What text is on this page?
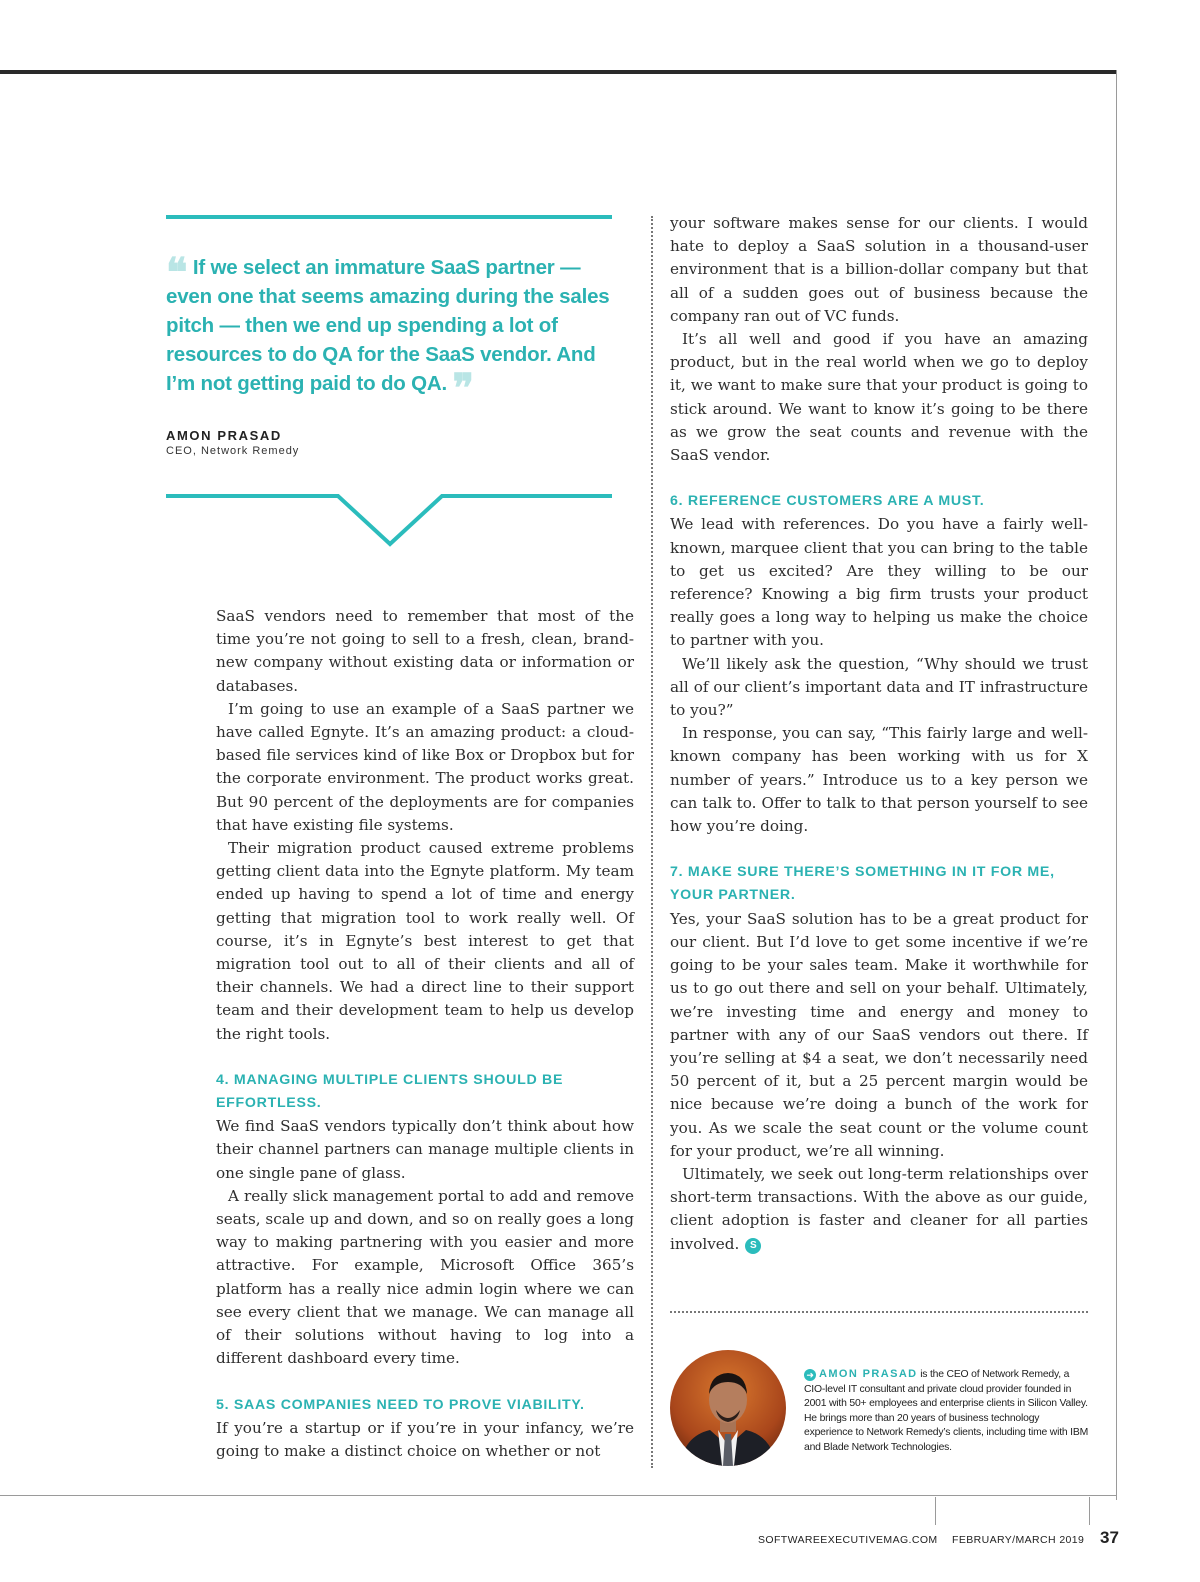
❝ If we select an immature SaaS partner — even one that seems amazing during the sales pitch — then we end up spending a lot of resources to do QA for the SaaS vendor. And I’m not getting paid to do QA. ❞
AMON PRASAD
CEO, Network Remedy

SaaS vendors need to remember that most of the time you’re not going to sell to a fresh, clean, brand-new company without existing data or information or databases.

I’m going to use an example of a SaaS partner we have called Egnyte. It’s an amazing product: a cloud-based file services kind of like Box or Dropbox but for the corporate environment. The product works great. But 90 percent of the deployments are for companies that have existing file systems.

Their migration product caused extreme problems getting client data into the Egnyte platform. My team ended up having to spend a lot of time and energy getting that migration tool to work really well. Of course, it’s in Egnyte’s best interest to get that migration tool out to all of their clients and all of their channels. We had a direct line to their support team and their development team to help us develop the right tools.

4. MANAGING MULTIPLE CLIENTS SHOULD BE EFFORTLESS.

We find SaaS vendors typically don’t think about how their channel partners can manage multiple clients in one single pane of glass.

A really slick management portal to add and remove seats, scale up and down, and so on really goes a long way to making partnering with you easier and more attractive. For example, Microsoft Office 365’s platform has a really nice admin login where we can see every client that we manage. We can manage all of their solutions without having to log into a different dashboard every time.

5. SAAS COMPANIES NEED TO PROVE VIABILITY.

If you’re a startup or if you’re in your infancy, we’re going to make a distinct choice on whether or not

your software makes sense for our clients. I would hate to deploy a SaaS solution in a thousand-user environment that is a billion-dollar company but that all of a sudden goes out of business because the company ran out of VC funds.

It’s all well and good if you have an amazing product, but in the real world when we go to deploy it, we want to make sure that your product is going to stick around. We want to know it’s going to be there as we grow the seat counts and revenue with the SaaS vendor.

6. REFERENCE CUSTOMERS ARE A MUST.

We lead with references. Do you have a fairly well-known, marquee client that you can bring to the table to get us excited? Are they willing to be our reference? Knowing a big firm trusts your product really goes a long way to helping us make the choice to partner with you.

We’ll likely ask the question, “Why should we trust all of our client’s important data and IT infrastructure to you?”

In response, you can say, “This fairly large and well-known company has been working with us for X number of years.” Introduce us to a key person we can talk to. Offer to talk to that person yourself to see how you’re doing.

7. MAKE SURE THERE’S SOMETHING IN IT FOR ME, YOUR PARTNER.

Yes, your SaaS solution has to be a great product for our client. But I’d love to get some incentive if we’re going to be your sales team. Make it worthwhile for us to go out there and sell on your behalf. Ultimately, we’re investing time and energy and money to partner with any of our SaaS vendors out there. If you’re selling at $4 a seat, we don’t necessarily need 50 percent of it, but a 25 percent margin would be nice because we’re doing a bunch of the work for you. As we scale the seat count or the volume count for your product, we’re all winning.

Ultimately, we seek out long-term relationships over short-term transactions. With the above as our guide, client adoption is faster and cleaner for all parties involved. S

➜ AMON PRASAD is the CEO of Network Remedy, a CIO-level IT consultant and private cloud provider founded in 2001 with 50+ employees and enterprise clients in Silicon Valley. He brings more than 20 years of business technology experience to Network Remedy’s clients, including time with IBM and Blade Network Technologies.
SOFTWAREEXECUTIVEMAG.COM FEBRUARY/MARCH 2019 37
